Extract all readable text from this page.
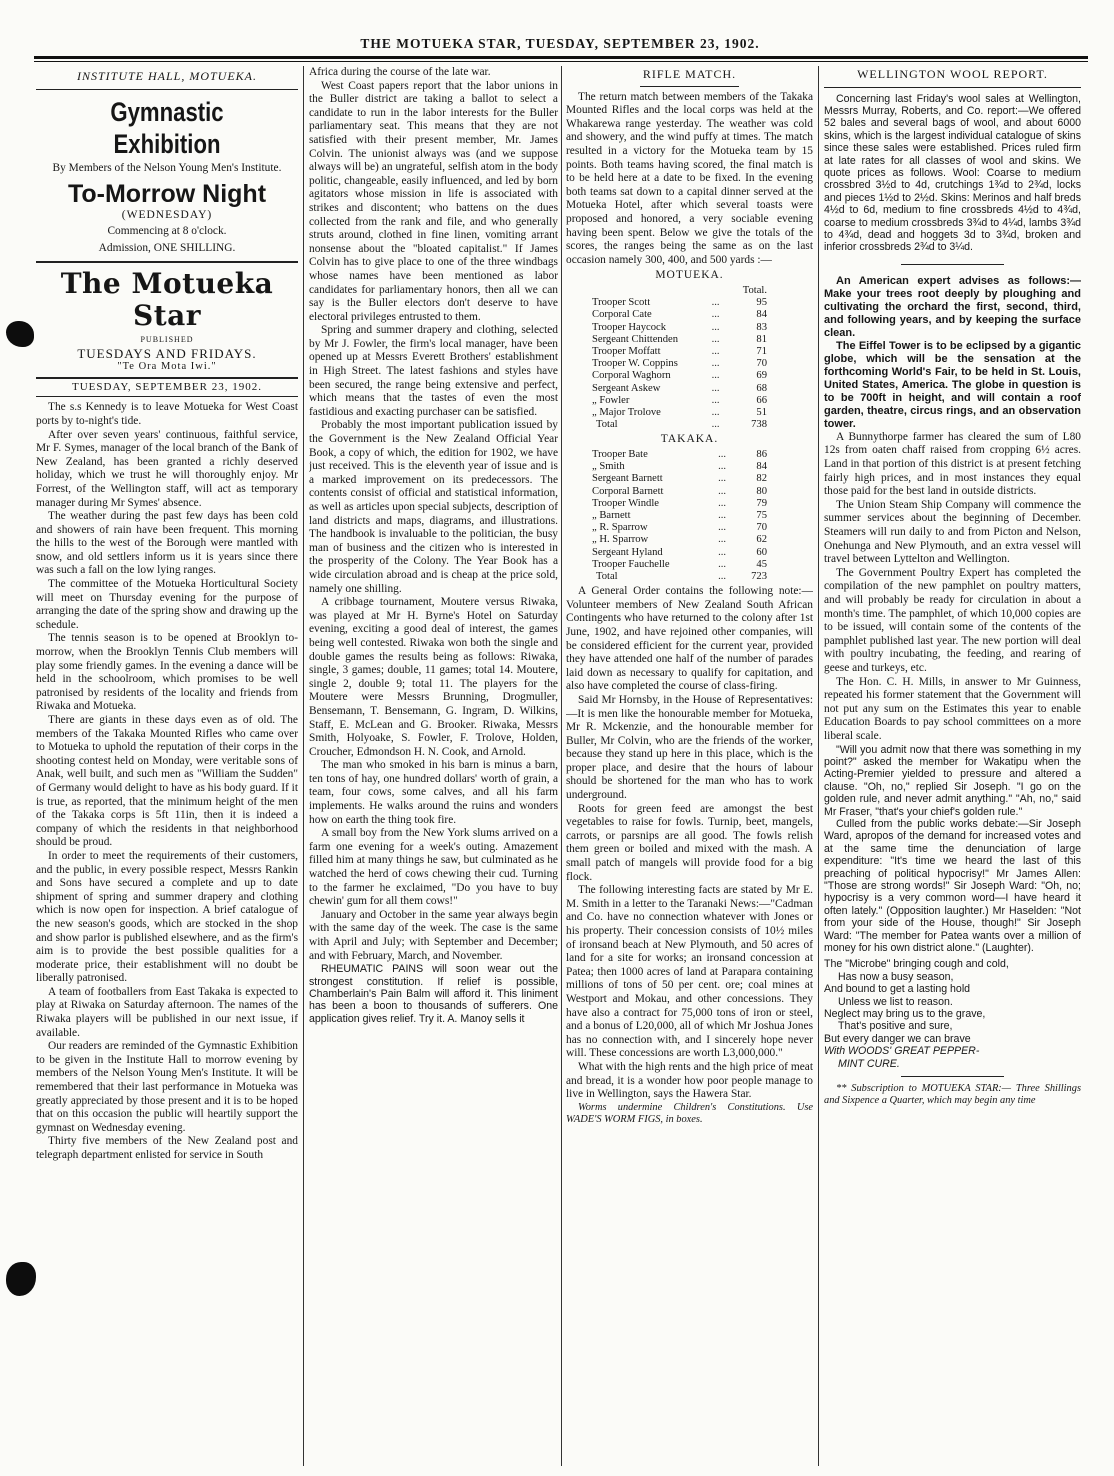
THE MOTUEKA STAR, TUESDAY, SEPTEMBER 23, 1902.
INSTITUTE HALL, MOTUEKA.
Gymnastic Exhibition

By Members of the Nelson Young Men's Institute.

To-Morrow Night

(WEDNESDAY)

Commencing at 8 o'clock.

Admission, ONE SHILLING.

The Motueka Star
PUBLISHED
TUESDAYS AND FRIDAYS.
"Te Ora Mota Iwi."
TUESDAY, SEPTEMBER 23, 1902.

The s.s Kennedy is to leave Motueka for West Coast ports by to-night's tide.

After over seven years' continuous, faithful service, Mr F. Symes, manager of the local branch of the Bank of New Zealand, has been granted a richly deserved holiday, which we trust he will thoroughly enjoy. Mr Forrest, of the Wellington staff, will act as temporary manager during Mr Symes' absence.

The weather during the past few days has been cold and showers of rain have been frequent. This morning the hills to the west of the Borough were mantled with snow, and old settlers inform us it is years since there was such a fall on the low lying ranges.

The committee of the Motueka Horticultural Society will meet on Thursday evening for the purpose of arranging the date of the spring show and drawing up the schedule.

The tennis season is to be opened at Brooklyn to-morrow, when the Brooklyn Tennis Club members will play some friendly games. In the evening a dance will be held in the schoolroom, which promises to be well patronised by residents of the locality and friends from Riwaka and Motueka.

There are giants in these days even as of old. The members of the Takaka Mounted Rifles who came over to Motueka to uphold the reputation of their corps in the shooting contest held on Monday, were veritable sons of Anak, well built, and such men as "William the Sudden" of Germany would delight to have as his body guard. If it is true, as reported, that the minimum height of the men of the Takaka corps is 5ft 11in, then it is indeed a company of which the residents in that neighborhood should be proud.

In order to meet the requirements of their customers, and the public, in every possible respect, Messrs Rankin and Sons have secured a complete and up to date shipment of spring and summer drapery and clothing which is now open for inspection. A brief catalogue of the new season's goods, which are stocked in the shop and show parlor is published elsewhere, and as the firm's aim is to provide the best possible qualities for a moderate price, their establishment will no doubt be liberally patronised.

A team of footballers from East Takaka is expected to play at Riwaka on Saturday afternoon. The names of the Riwaka players will be published in our next issue, if available.

Our readers are reminded of the Gymnastic Exhibition to be given in the Institute Hall to morrow evening by members of the Nelson Young Men's Institute. It will be remembered that their last performance in Motueka was greatly appreciated by those present and it is to be hoped that on this occasion the public will heartily support the gymnast on Wednesday evening.

Thirty five members of the New Zealand post and telegraph department enlisted for service in South

Africa during the course of the late war.

West Coast papers report that the labor unions in the Buller district are taking a ballot to select a candidate to run in the labor interests for the Buller parliamentary seat. This means that they are not satisfied with their present member, Mr. James Colvin. The unionist always was (and we suppose always will be) an ungrateful, selfish atom in the body politic, changeable, easily influenced, and led by born agitators whose mission in life is associated with strikes and discontent; who battens on the dues collected from the rank and file, and who generally struts around, clothed in fine linen, vomiting arrant nonsense about the "bloated capitalist." If James Colvin has to give place to one of the three windbags whose names have been mentioned as labor candidates for parliamentary honors, then all we can say is the Buller electors don't deserve to have electoral privileges entrusted to them.

Spring and summer drapery and clothing, selected by Mr J. Fowler, the firm's local manager, have been opened up at Messrs Everett Brothers' establishment in High Street. The latest fashions and styles have been secured, the range being extensive and perfect, which means that the tastes of even the most fastidious and exacting purchaser can be satisfied.

Probably the most important publication issued by the Government is the New Zealand Official Year Book, a copy of which, the edition for 1902, we have just received. This is the eleventh year of issue and is a marked improvement on its predecessors. The contents consist of official and statistical information, as well as articles upon special subjects, description of land districts and maps, diagrams, and illustrations. The handbook is invaluable to the politician, the busy man of business and the citizen who is interested in the prosperity of the Colony. The Year Book has a wide circulation abroad and is cheap at the price sold, namely one shilling.

A cribbage tournament, Moutere versus Riwaka, was played at Mr H. Byrne's Hotel on Saturday evening, exciting a good deal of interest, the games being well contested. Riwaka won both the single and double games the results being as follows: Riwaka, single, 3 games; double, 11 games; total 14. Moutere, single 2, double 9; total 11. The players for the Moutere were Messrs Brunning, Drogmuller, Bensemann, T. Bensemann, G. Ingram, D. Wilkins, Staff, E. McLean and G. Brooker. Riwaka, Messrs Smith, Holyoake, S. Fowler, F. Trolove, Holden, Croucher, Edmondson H. N. Cook, and Arnold.

The man who smoked in his barn is minus a barn, ten tons of hay, one hundred dollars' worth of grain, a team, four cows, some calves, and all his farm implements. He walks around the ruins and wonders how on earth the thing took fire.

A small boy from the New York slums arrived on a farm one evening for a week's outing. Amazement filled him at many things he saw, but culminated as he watched the herd of cows chewing their cud. Turning to the farmer he exclaimed, "Do you have to buy chewin' gum for all them cows!"

January and October in the same year always begin with the same day of the week. The case is the same with April and July; with September and December; and with February, March, and November.

RHEUMATIC PAINS will soon wear out the strongest constitution. If relief is possible, Chamberlain's Pain Balm will afford it. This liniment has been a boon to thousands of sufferers. One application gives relief. Try it. A. Manoy sells it

RIFLE MATCH.

The return match between members of the Takaka Mounted Rifles and the local corps was held at the Whakarewa range yesterday. The weather was cold and showery, and the wind puffy at times. The match resulted in a victory for the Motueka team by 15 points. Both teams having scored, the final match is to be held here at a date to be fixed. In the evening both teams sat down to a capital dinner served at the Motueka Hotel, after which several toasts were proposed and honored, a very sociable evening having been spent. Below we give the totals of the scores, the ranges being the same as on the last occasion namely 300, 400, and 500 yards :—

MOTUEKA.
		Total.
Trooper Scott	...	95
Corporal Cate	...	84
Trooper Haycock	...	83
Sergeant Chittenden	...	81
Trooper Moffatt	...	71
Trooper W. Coppins	...	70
Corporal Waghorn	...	69
Sergeant Askew	...	68
„ Fowler	...	66
„ Major Trolove	...	51
Total	...	738
TAKAKA.
Trooper Bate	...	86
„ Smith	...	84
Sergeant Barnett	...	82
Corporal Barnett	...	80
Trooper Windle	...	79
„ Barnett	...	75
„ R. Sparrow	...	70
„ H. Sparrow	...	62
Sergeant Hyland	...	60
Trooper Fauchelle	...	45
Total	...	723

A General Order contains the following note:—Volunteer members of New Zealand South African Contingents who have returned to the colony after 1st June, 1902, and have rejoined other companies, will be considered efficient for the current year, provided they have attended one half of the number of parades laid down as necessary to qualify for capitation, and also have completed the course of class-firing.

Said Mr Hornsby, in the House of Representatives:—It is men like the honourable member for Motueka, Mr R. Mckenzie, and the honourable member for Buller, Mr Colvin, who are the friends of the worker, because they stand up here in this place, which is the proper place, and desire that the hours of labour should be shortened for the man who has to work underground.

Roots for green feed are amongst the best vegetables to raise for fowls. Turnip, beet, mangels, carrots, or parsnips are all good. The fowls relish them green or boiled and mixed with the mash. A small patch of mangels will provide food for a big flock.

The following interesting facts are stated by Mr E. M. Smith in a letter to the Taranaki News:—"Cadman and Co. have no connection whatever with Jones or his property. Their concession consists of 10½ miles of ironsand beach at New Plymouth, and 50 acres of land for a site for works; an ironsand concession at Patea; then 1000 acres of land at Parapara containing millions of tons of 50 per cent. ore; coal mines at Westport and Mokau, and other concessions. They have also a contract for 75,000 tons of iron or steel, and a bonus of L20,000, all of which Mr Joshua Jones has no connection with, and I sincerely hope never will. These concessions are worth L3,000,000."

What with the high rents and the high price of meat and bread, it is a wonder how poor people manage to live in Wellington, says the Hawera Star.

Worms undermine Children's Constitutions. Use WADE'S WORM FIGS, in boxes.

WELLINGTON WOOL REPORT.

Concerning last Friday's wool sales at Wellington, Messrs Murray, Roberts, and Co. report:—We offered 52 bales and several bags of wool, and about 6000 skins, which is the largest individual catalogue of skins since these sales were established. Prices ruled firm at late rates for all classes of wool and skins. We quote prices as follows. Wool: Coarse to medium crossbred 3½d to 4d, crutchings 1¾d to 2¾d, locks and pieces 1½d to 2½d. Skins: Merinos and half breds 4½d to 6d, medium to fine crossbreds 4½d to 4¾d, coarse to medium crossbreds 3¾d to 4¼d, lambs 3¾d to 4¾d, dead and hoggets 3d to 3¾d, broken and inferior crossbreds 2¾d to 3¼d.

An American expert advises as follows:—Make your trees root deeply by ploughing and cultivating the orchard the first, second, third, and following years, and by keeping the surface clean.

The Eiffel Tower is to be eclipsed by a gigantic globe, which will be the sensation at the forthcoming World's Fair, to be held in St. Louis, United States, America. The globe in question is to be 700ft in height, and will contain a roof garden, theatre, circus rings, and an observation tower.

A Bunnythorpe farmer has cleared the sum of L80 12s from oaten chaff raised from cropping 6½ acres. Land in that portion of this district is at present fetching fairly high prices, and in most instances they equal those paid for the best land in outside districts.

The Union Steam Ship Company will commence the summer services about the beginning of December. Steamers will run daily to and from Picton and Nelson, Onehunga and New Plymouth, and an extra vessel will travel between Lyttelton and Wellington.

The Government Poultry Expert has completed the compilation of the new pamphlet on poultry matters, and will probably be ready for circulation in about a month's time. The pamphlet, of which 10,000 copies are to be issued, will contain some of the contents of the pamphlet published last year. The new portion will deal with poultry incubating, the feeding, and rearing of geese and turkeys, etc.

The Hon. C. H. Mills, in answer to Mr Guinness, repeated his former statement that the Government will not put any sum on the Estimates this year to enable Education Boards to pay school committees on a more liberal scale.

"Will you admit now that there was something in my point?" asked the member for Wakatipu when the Acting-Premier yielded to pressure and altered a clause. "Oh, no," replied Sir Joseph. "I go on the golden rule, and never admit anything." "Ah, no," said Mr Fraser, "that's your chief's golden rule."

Culled from the public works debate:—Sir Joseph Ward, apropos of the demand for increased votes and at the same time the denunciation of large expenditure: "It's time we heard the last of this preaching of political hypocrisy!" Mr James Allen: "Those are strong words!" Sir Joseph Ward: "Oh, no; hypocrisy is a very common word—I have heard it often lately." (Opposition laughter.) Mr Haselden: "Not from your side of the House, though!" Sir Joseph Ward: "The member for Patea wants over a million of money for his own district alone." (Laughter).

The "Microbe" bringing cough and cold,

Has now a busy season,

And bound to get a lasting hold

Unless we list to reason.

Neglect may bring us to the grave,

That's positive and sure,

But every danger we can brave

With WOODS' GREAT PEPPER-

MINT CURE.

** Subscription to MOTUEKA STAR:— Three Shillings and Sixpence a Quarter, which may begin any time
